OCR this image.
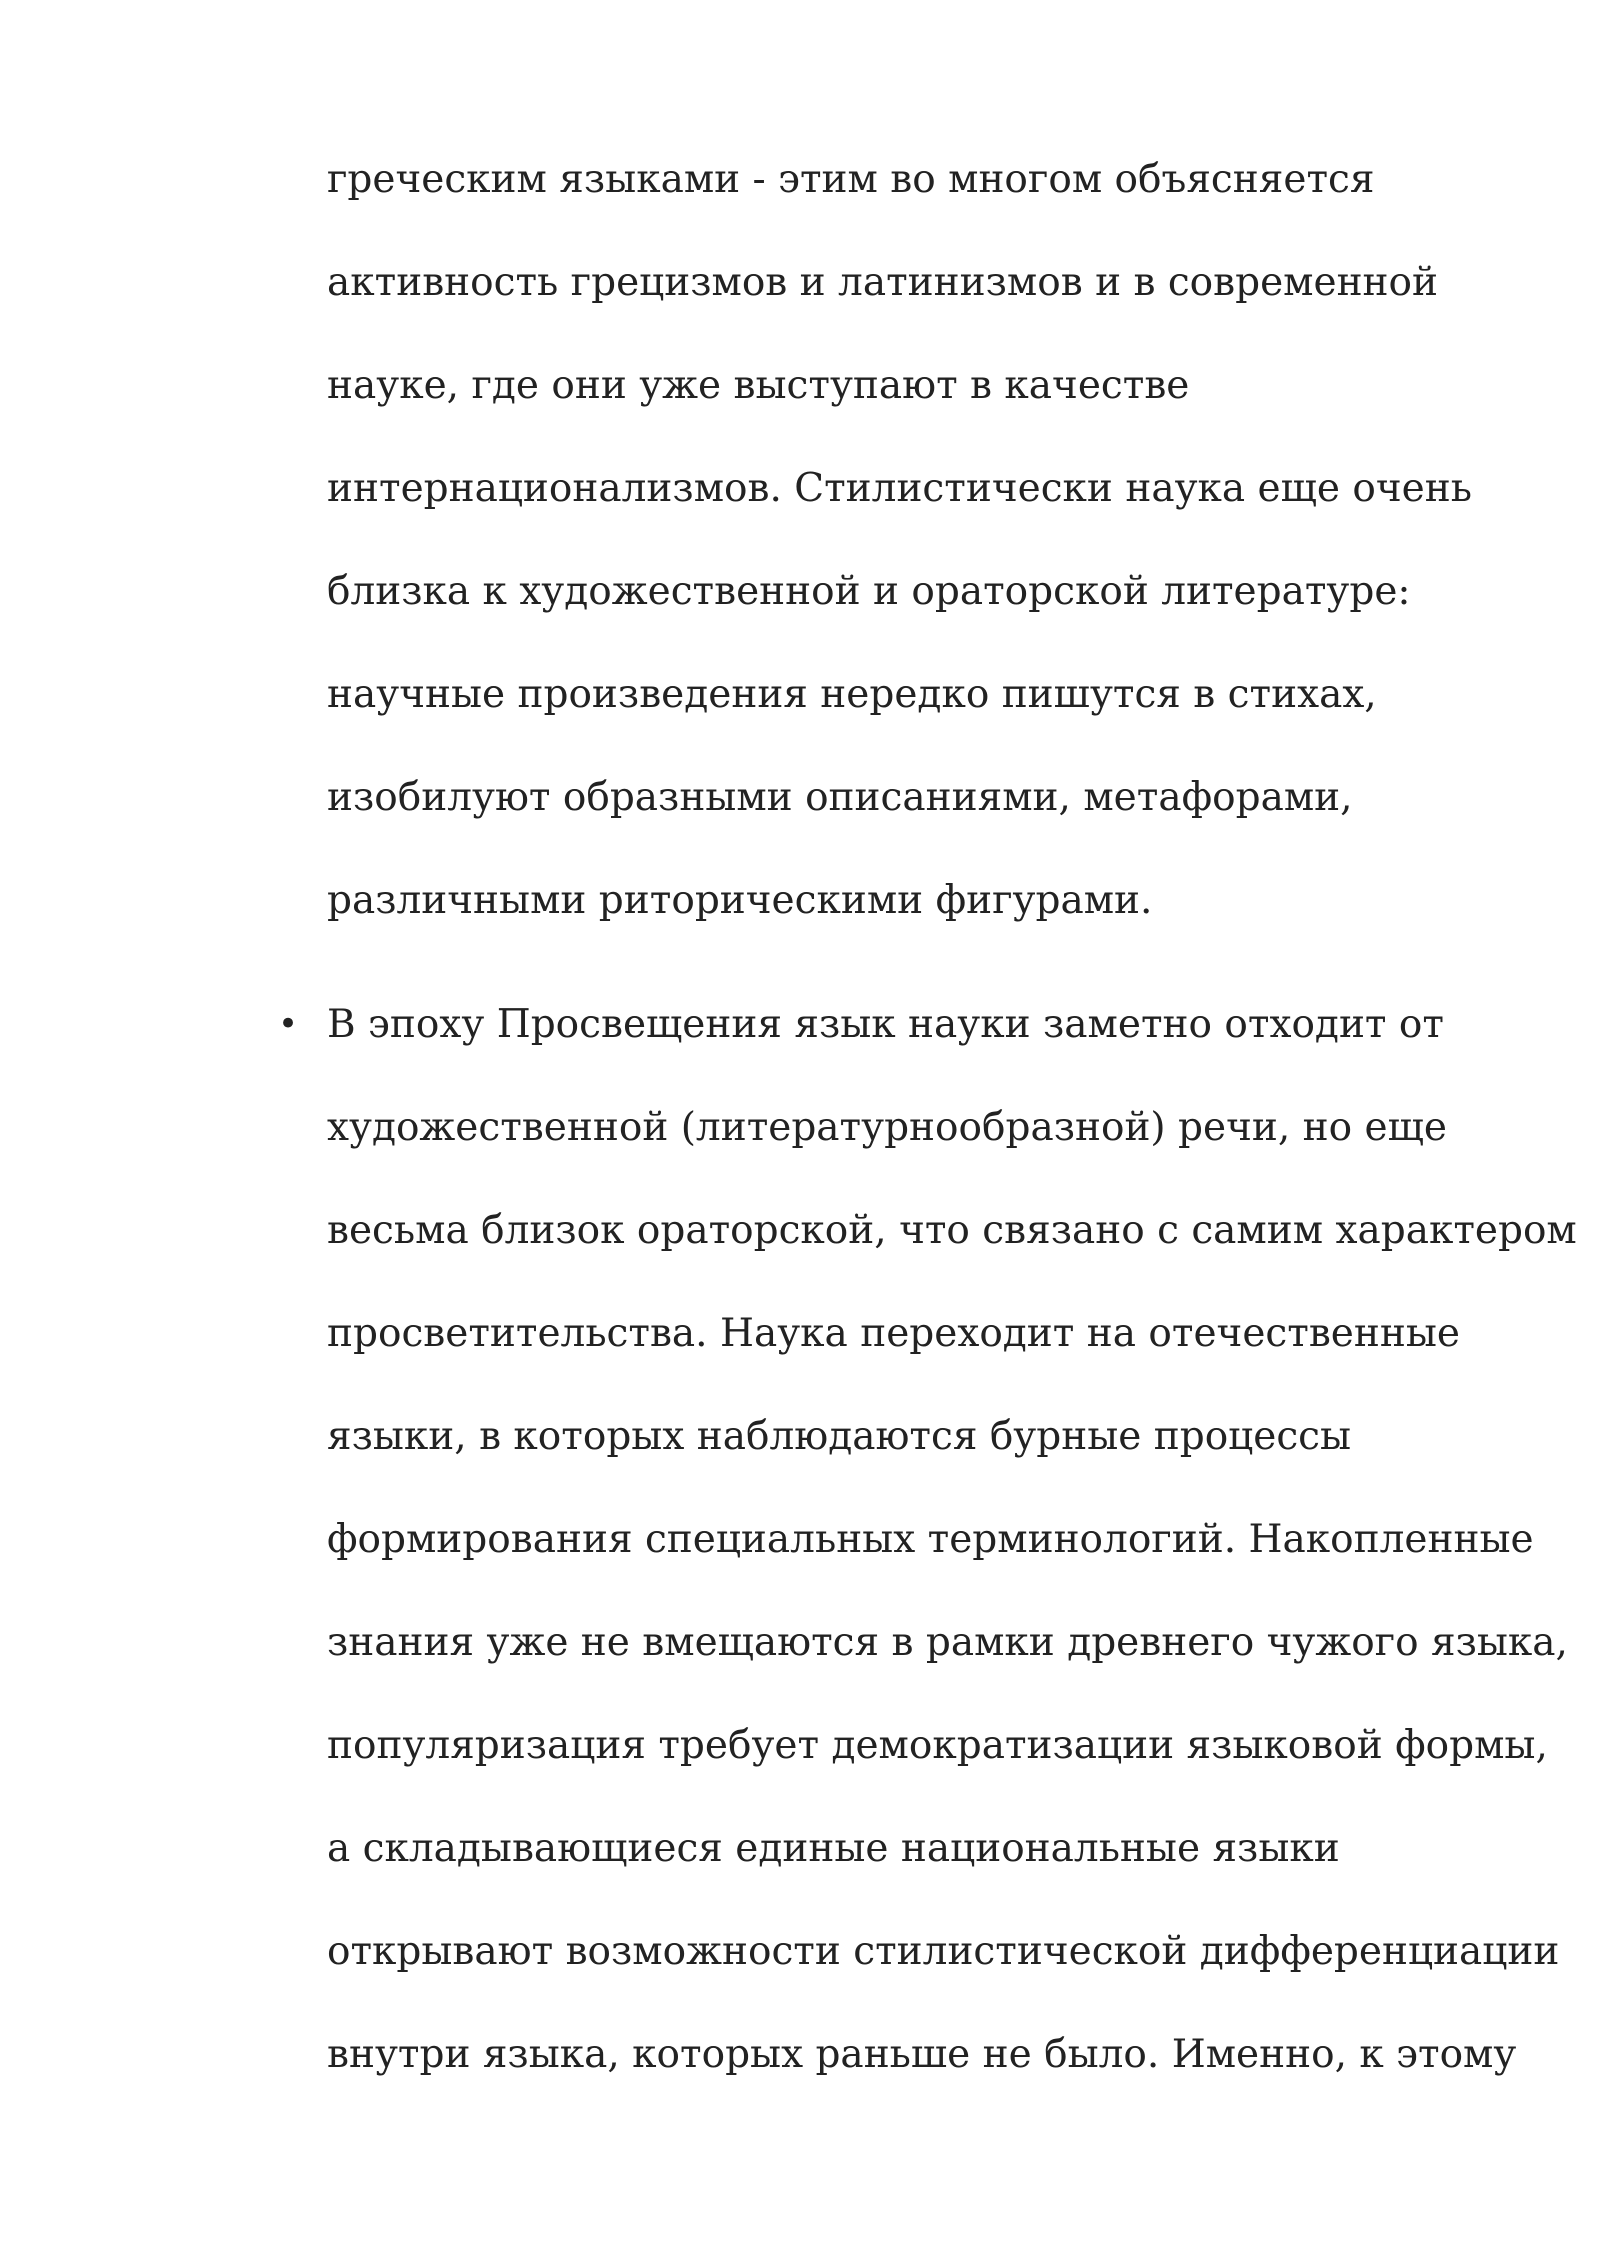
греческим языками - этим во многом объясняется
активность грецизмов и латинизмов и в современной
науке, где они уже выступают в качестве
интернационализмов. Стилистически наука еще очень
близка к художественной и ораторской литературе:
научные произведения нередко пишутся в стихах,
изобилуют образными описаниями, метафорами,
различными риторическими фигурами.
• В эпоху Просвещения язык науки заметно отходит от
художественной (литературнообразной) речи, но еще
весьма близок ораторской, что связано с самим характером
просветительства. Наука переходит на отечественные
языки, в которых наблюдаются бурные процессы
формирования специальных терминологий. Накопленные
знания уже не вмещаются в рамки древнего чужого языка,
популяризация требует демократизации языковой формы,
а складывающиеся единые национальные языки
открывают возможности стилистической дифференциации
внутри языка, которых раньше не было. Именно, к этому
